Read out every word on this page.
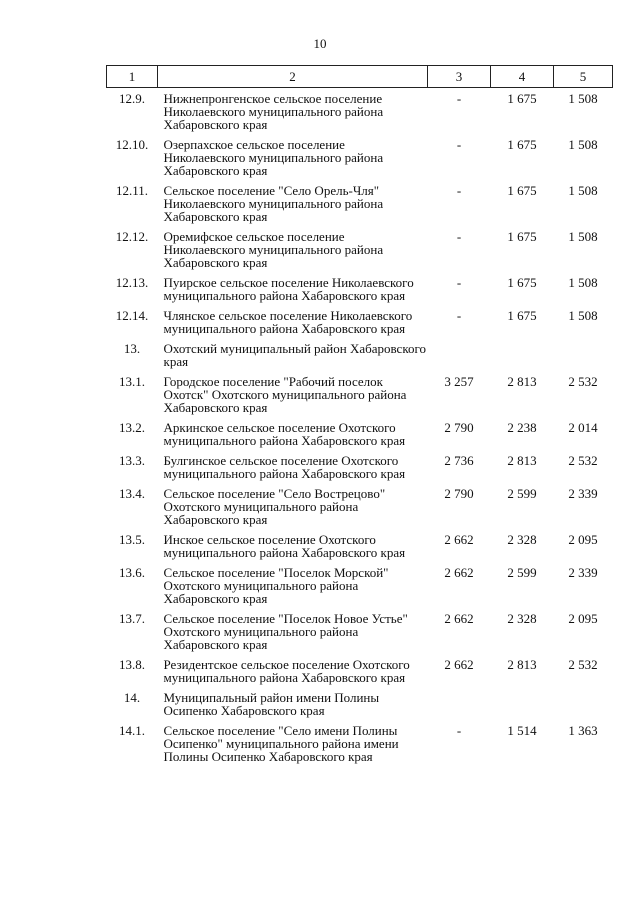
10
1	2	3	4	5
12.9.	Нижнепронгенское сельское поселение Николаевского муниципального района Хабаровского края	-	1 675	1 508
12.10.	Озерпахское сельское поселение Николаевского муниципального района Хабаровского края	-	1 675	1 508
12.11.	Сельское поселение "Село Орель-Чля" Николаевского муниципального района Хабаровского края	-	1 675	1 508
12.12.	Оремифское сельское поселение Николаевского муниципального района Хабаровского края	-	1 675	1 508
12.13.	Пуирское сельское поселение Николаевского муниципального района Хабаровского края	-	1 675	1 508
12.14.	Члянское сельское поселение Николаевского муниципального района Хабаровского края	-	1 675	1 508
13.	Охотский муниципальный район Хабаровского края			
13.1.	Городское поселение "Рабочий поселок Охотск" Охотского муниципального района Хабаровского края	3 257	2 813	2 532
13.2.	Аркинское сельское поселение Охотского муниципального района Хабаровского края	2 790	2 238	2 014
13.3.	Булгинское сельское поселение Охотского муниципального района Хабаровского края	2 736	2 813	2 532
13.4.	Сельское поселение "Село Вострецово" Охотского муниципального района Хабаровского края	2 790	2 599	2 339
13.5.	Инское сельское поселение Охотского муниципального района Хабаровского края	2 662	2 328	2 095
13.6.	Сельское поселение "Поселок Морской" Охотского муниципального района Хабаровского края	2 662	2 599	2 339
13.7.	Сельское поселение "Поселок Новое Устье" Охотского муниципального района Хабаровского края	2 662	2 328	2 095
13.8.	Резидентское сельское поселение Охотского муниципального района Хабаровского края	2 662	2 813	2 532
14.	Муниципальный район имени Полины Осипенко Хабаровского края			
14.1.	Сельское поселение "Село имени Полины Осипенко" муниципального района имени Полины Осипенко Хабаровского края	-	1 514	1 363
